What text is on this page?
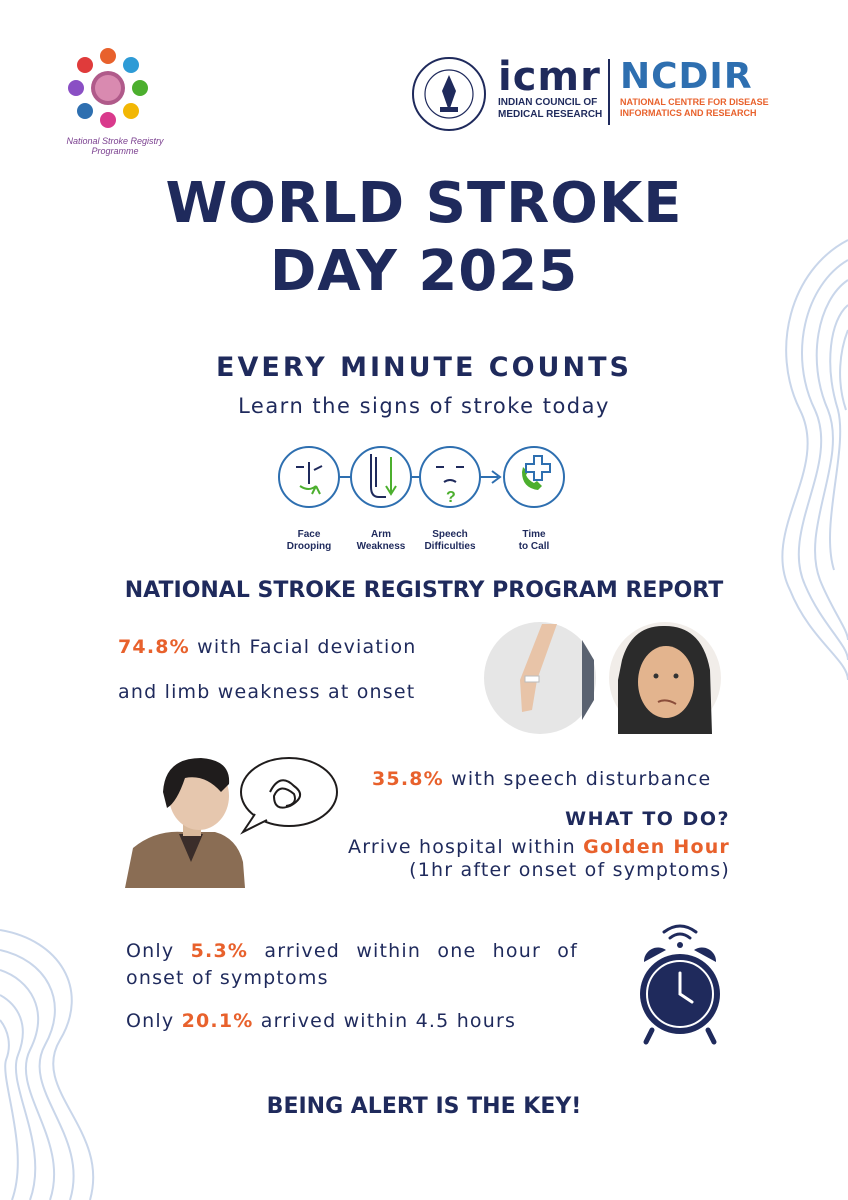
National Stroke Registry Programme
icmr
INDIAN COUNCIL OF
MEDICAL RESEARCH
NCDIR
NATIONAL CENTRE FOR DISEASE
INFORMATICS AND RESEARCH
WORLD STROKE
DAY 2025
EVERY MINUTE COUNTS
Learn the signs of stroke today
?
Face
Drooping
Arm
Weakness
Speech
Difficulties
Time
to Call
NATIONAL STROKE REGISTRY PROGRAM REPORT
74.8% with Facial deviation
and limb weakness at onset
35.8% with speech disturbance
WHAT TO DO?
Arrive hospital within Golden Hour
(1hr after onset of symptoms)
Only 5.3% arrived within one hour of
onset of symptoms
Only 20.1% arrived within 4.5 hours
BEING ALERT IS THE KEY!
